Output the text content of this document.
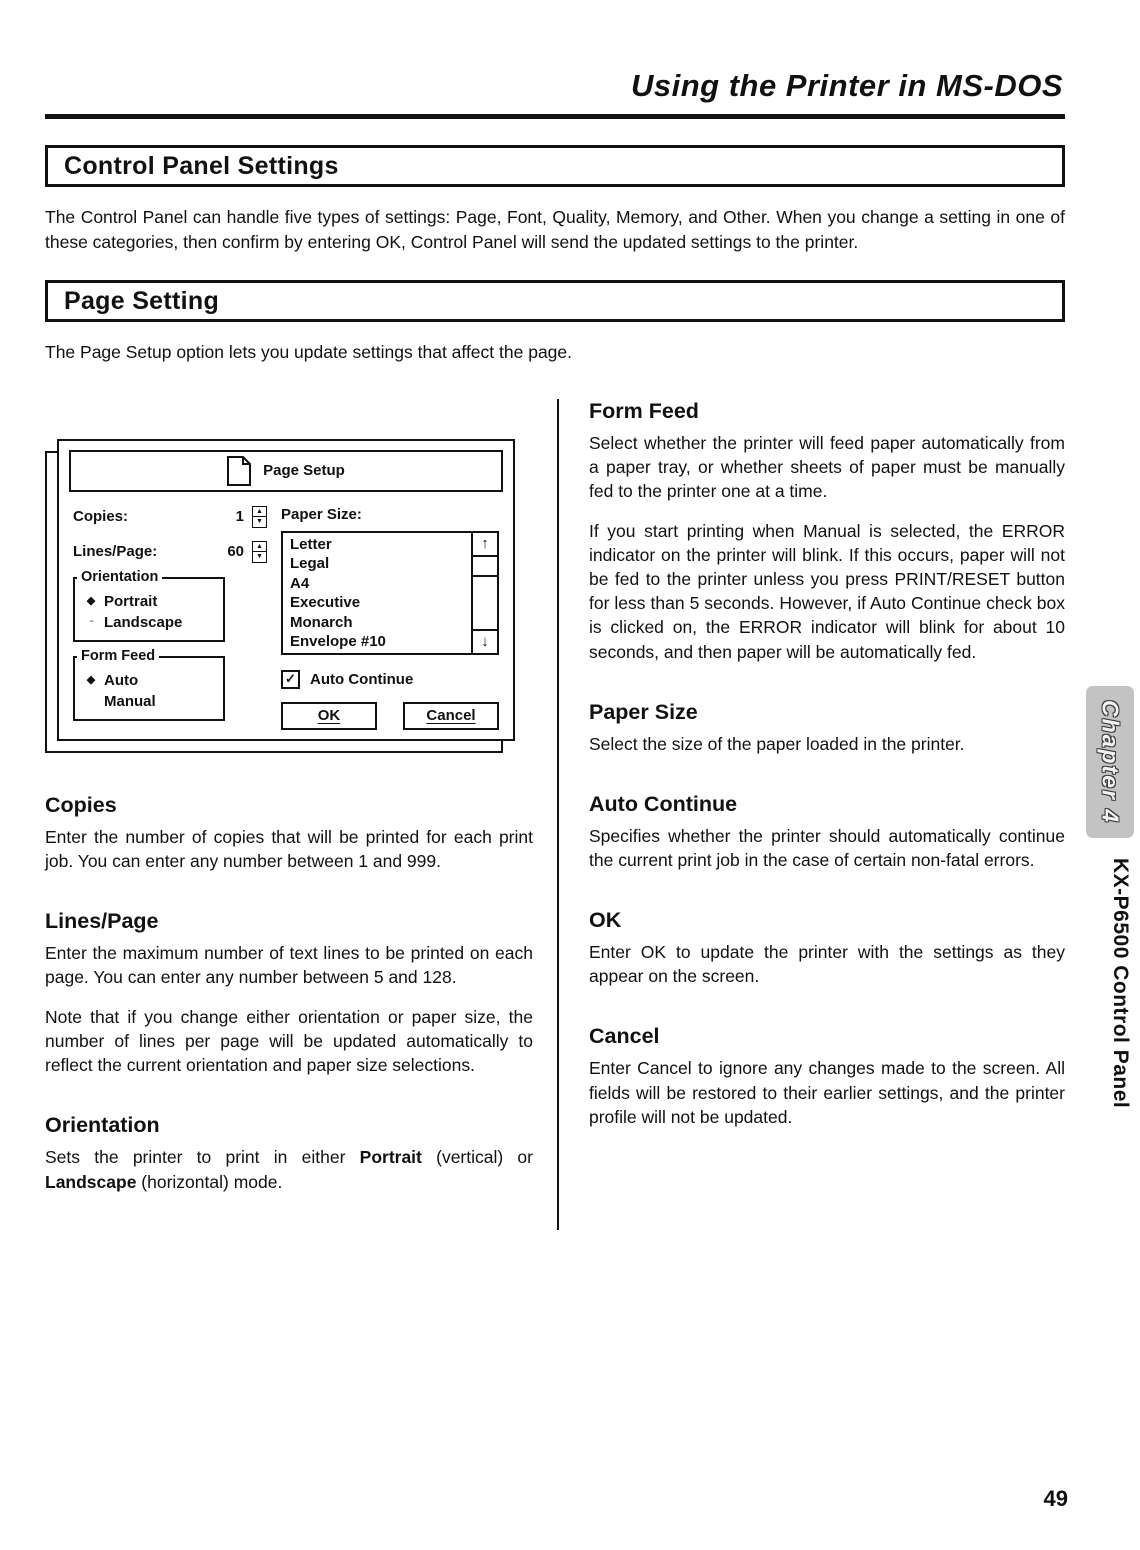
Using the Printer in MS-DOS
Control Panel Settings

The Control Panel can handle five types of settings: Page, Font, Quality, Memory, and Other. When you change a setting in one of these categories, then confirm by entering OK, Control Panel will send the updated settings to the printer.

Page Setting

The Page Setup option lets you update settings that affect the page.

Page Setup
Copies:	1	▲
▼
Lines/Page:	60	▲
▼
Orientation
◆ Portrait
·· Landscape
Form Feed
◆ Auto
Manual
Paper Size:
Letter
Legal
A4
Executive
Monarch
Envelope #10
↑
↓
✓ Auto Continue
OK	Cancel
Copies

Enter the number of copies that will be printed for each print job. You can enter any number between 1 and 999.

Lines/Page

Enter the maximum number of text lines to be printed on each page. You can enter any number between 5 and 128.

Note that if you change either orientation or paper size, the number of lines per page will be updated automatically to reflect the current orientation and paper size selections.

Orientation

Sets the printer to print in either Portrait (vertical) or Landscape (horizontal) mode.

Form Feed

Select whether the printer will feed paper automatically from a paper tray, or whether sheets of paper must be manually fed to the printer one at a time.

If you start printing when Manual is selected, the ERROR indicator on the printer will blink. If this occurs, paper will not be fed to the printer unless you press PRINT/RESET button for less than 5 seconds. However, if Auto Continue check box is clicked on, the ERROR indicator will blink for about 10 seconds, and then paper will be automatically fed.

Paper Size

Select the size of the paper loaded in the printer.

Auto Continue

Specifies whether the printer should automatically continue the current print job in the case of certain non-fatal errors.

OK

Enter OK to update the printer with the settings as they appear on the screen.

Cancel

Enter Cancel to ignore any changes made to the screen. All fields will be restored to their earlier settings, and the printer profile will not be updated.

Chapter 4
KX-P6500 Control Panel
49
